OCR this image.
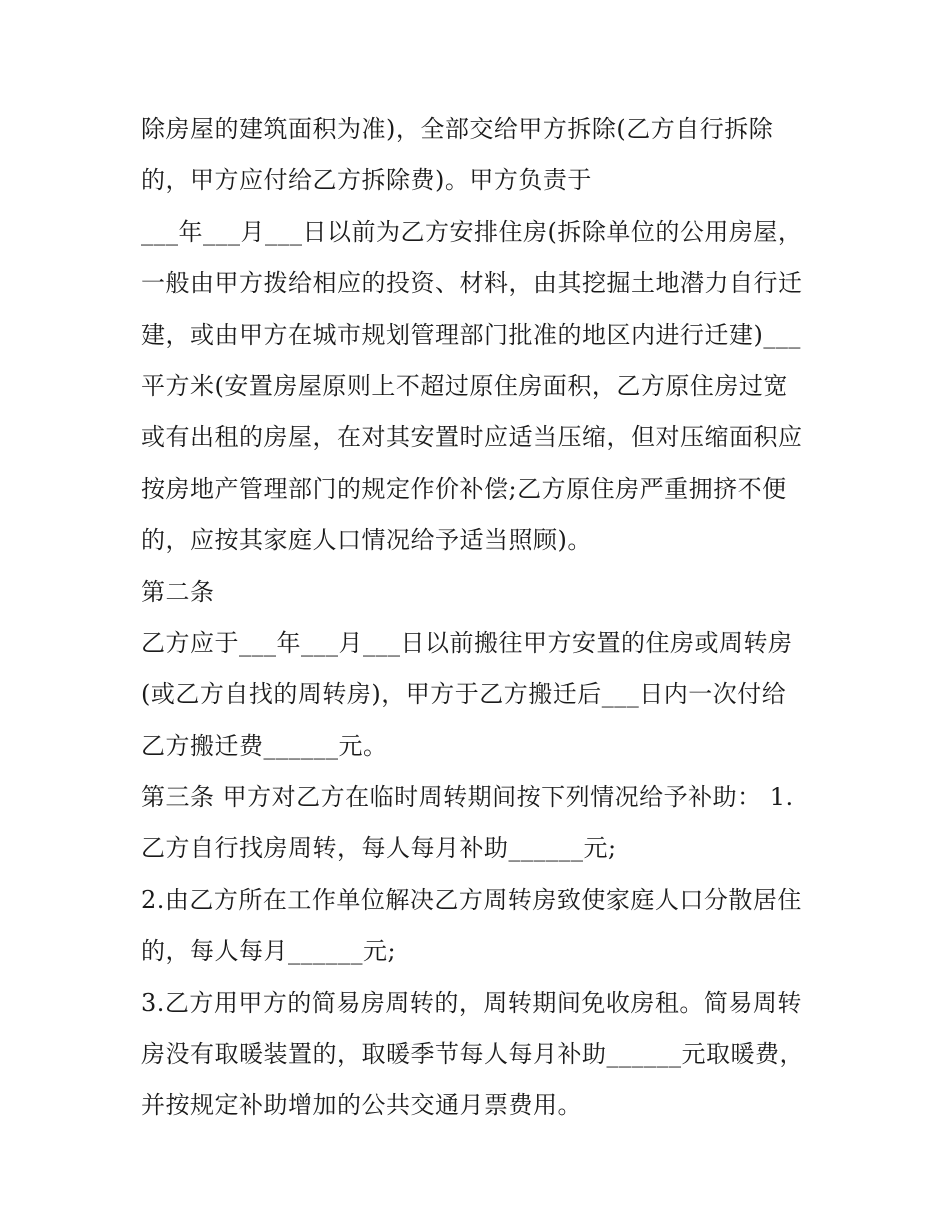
除房屋的建筑面积为准)，全部交给甲方拆除(乙方自行拆除
的，甲方应付给乙方拆除费)。甲方负责于
___年___月___日以前为乙方安排住房(拆除单位的公用房屋，
一般由甲方拨给相应的投资、材料，由其挖掘土地潜力自行迁
建，或由甲方在城市规划管理部门批准的地区内进行迁建)___
平方米(安置房屋原则上不超过原住房面积，乙方原住房过宽
或有出租的房屋，在对其安置时应适当压缩，但对压缩面积应
按房地产管理部门的规定作价补偿;乙方原住房严重拥挤不便
的，应按其家庭人口情况给予适当照顾)。
第二条
乙方应于___年___月___日以前搬往甲方安置的住房或周转房
(或乙方自找的周转房)，甲方于乙方搬迁后___日内一次付给
乙方搬迁费______元。
第三条 甲方对乙方在临时周转期间按下列情况给予补助： 1.
乙方自行找房周转，每人每月补助______元;
2.由乙方所在工作单位解决乙方周转房致使家庭人口分散居住
的，每人每月______元;
3.乙方用甲方的简易房周转的，周转期间免收房租。简易周转
房没有取暖装置的，取暖季节每人每月补助______元取暖费，
并按规定补助增加的公共交通月票费用。
